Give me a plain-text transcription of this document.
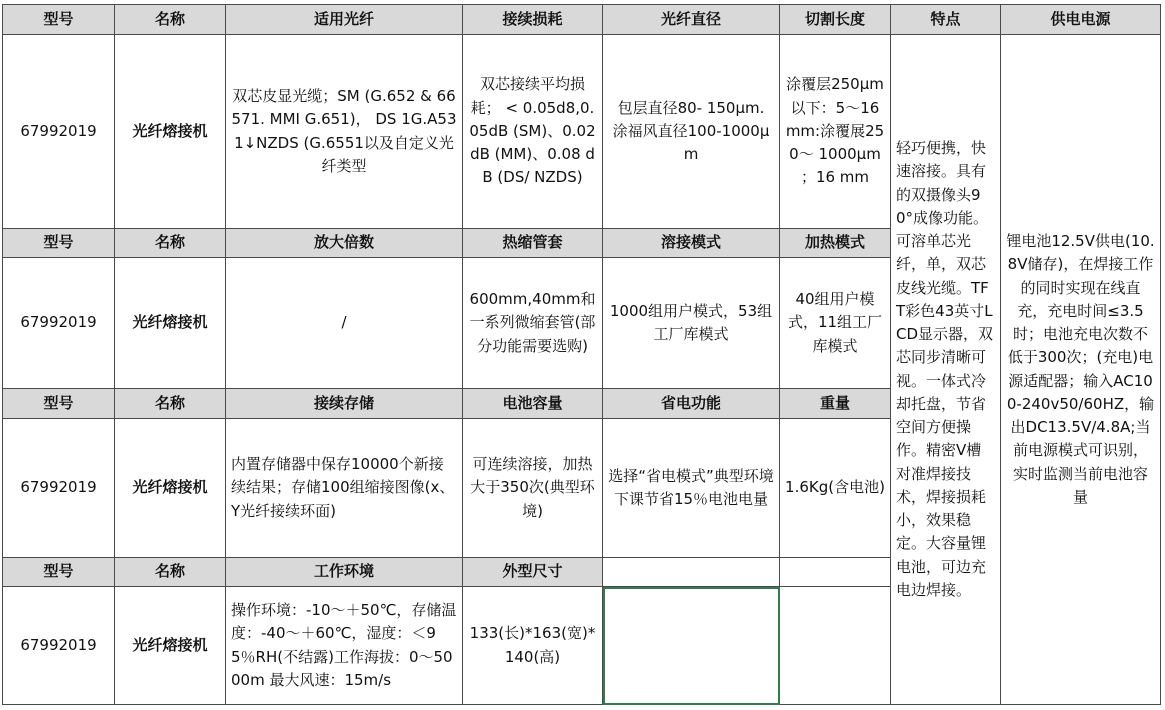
型号	名称	适用光纤	接续损耗	光纤直径	切割长度	特点	供电电源
67992019	光纤熔接机	双芯皮显光缆；SM (G.652 & 66571. MMI G.651)， DS 1G.A531↓NZDS (G.6551以及自定义光纤类型	双芯接续平均损耗； < 0.05d8,0.05dB (SM)、0.02 dB (MM)、0.08 dB (DS/ NZDS)	包层直径80- 150μm. 涂福风直径100-1000μm	涂覆层250μm以下：5～16 mm:涂覆展250～ 1000μm ；16 mm	轻巧便携，快速溶接。具有　　的双摄像头90°成像功能。可溶单芯光纤，单，双芯皮线光缆。TFT彩色43英寸LCD显示器，双芯同步清晰可视。一体式冷却托盘，节省空间方便操作。精密V槽对准焊接技术，焊接损耗小，效果稳定。大容量锂电池，可边充电边焊接。	锂电池12.5V供电(10.8V储存)，在焊接工作的同时实现在线直充，充电时间≤3.5时；电池充电次数不低于300次；(充电)电源适配器；输入AC100-240v50/60HZ，输出DC13.5V/4.8A;当前电源模式可识别，实时监测当前电池容量
型号	名称	放大倍数	热缩管套	溶接模式	加热模式		
67992019	光纤熔接机	/	600mm,40mm和一系列微缩套管(部分功能需要选购)	1000组用户模式，53组工厂库模式	40组用户模式，11组工厂库模式		
型号	名称	接续存储	电池容量	省电功能	重量		
67992019	光纤熔接机	内置存储器中保存10000个新接续结果；存储100组缩接图像(x、Y光纤接续环面)	可连续溶接，加热大于350次(典型环境)	选择“省电模式”典型环境下课节省15％电池电量	1.6Kg(含电池)		
型号	名称	工作环境	外型尺寸				
67992019	光纤熔接机	操作环境：-10～＋50℃，存储温度：-40～＋60℃，湿度：＜95％RH(不结露)工作海拔：0～5000m 最大风速：15m/s	133(长)*163(宽)*140(高)				
